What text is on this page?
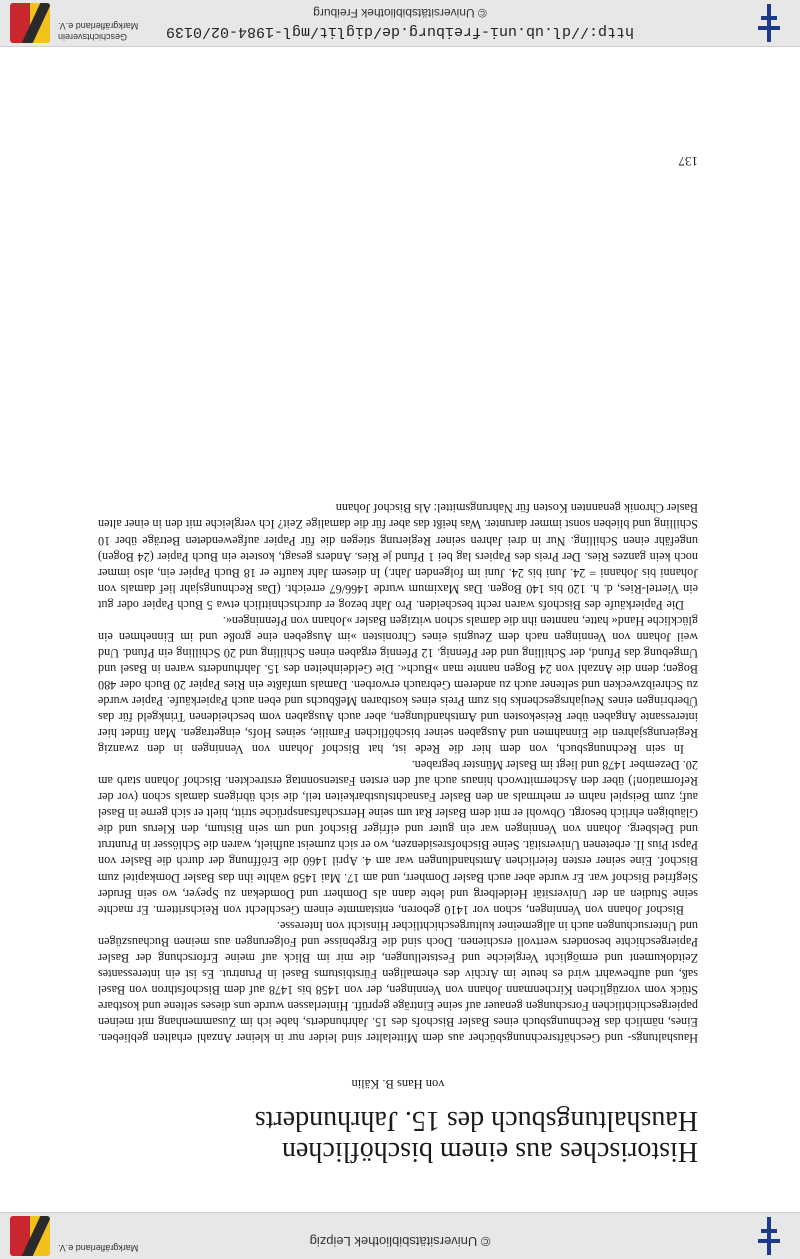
© Universitätsbibliothek Leipzig
Markgräflerland e.V.
Historisches aus einem bischöflichen Haushaltungsbuch des 15. Jahrhunderts
von Hans B. Kälin

Haushaltungs- und Geschäftsrechnungsbücher aus dem Mittelalter sind leider nur in kleiner Anzahl erhalten geblieben. Eines, nämlich das Rechnungsbuch eines Basler Bischofs des 15. Jahrhunderts, habe ich im Zusammenhang mit meinen papiergeschichtlichen Forschungen genauer auf seine Einträge geprüft. Hinterlassen wurde uns dieses seltene und kostbare Stück vom vorzüglichen Kirchenmann Johann von Venningen, der von 1458 bis 1478 auf dem Bischofsthron von Basel saß, und aufbewahrt wird es heute im Archiv des ehemaligen Fürstbistums Basel in Pruntrut. Es ist ein interessantes Zeitdokument und ermöglicht Vergleiche und Feststellungen, die mir im Blick auf meine Erforschung der Basler Papiergeschichte besonders wertvoll erschienen. Doch sind die Ergebnisse und Folgerungen aus meinen Buchauszügen und Untersuchungen auch in allgemeiner kulturgeschichtlicher Hinsicht von Interesse.

Bischof Johann von Venningen, schon vor 1410 geboren, entstammte einem Geschlecht von Reichsrittern. Er machte seine Studien an der Universität Heidelberg und lebte dann als Domherr und Domdekan zu Speyer, wo sein Bruder Siegfried Bischof war. Er wurde aber auch Basler Domherr, und am 17. Mai 1458 wählte ihn das Basler Domkapitel zum Bischof. Eine seiner ersten feierlichen Amtshandlungen war am 4. April 1460 die Eröffnung der durch die Basler von Papst Pius II. erbetenen Universität. Seine Bischofsresidenzen, wo er sich zumeist aufhielt, waren die Schlösser in Pruntrut und Delsberg. Johann von Venningen war ein guter und eifriger Bischof und um sein Bistum, den Klerus und die Gläubigen ehrlich besorgt. Obwohl er mit dem Basler Rat um seine Herrschaftsansprüche stritt, hielt er sich gerne in Basel auf; zum Beispiel nahm er mehrmals an den Basler Fasnachtslustbarkeiten teil, die sich übrigens damals schon (vor der Reformation!) über den Aschermittwoch hinaus auch auf den ersten Fastensonntag erstreckten. Bischof Johann starb am 20. Dezember 1478 und liegt im Basler Münster begraben.

In sein Rechnungsbuch, von dem hier die Rede ist, hat Bischof Johann von Venningen in den zwanzig Regierungsjahren die Einnahmen und Ausgaben seiner bischöflichen Familie, seines Hofs, eingetragen. Man findet hier interessante Angaben über Reisekosten und Amtshandlungen, aber auch Ausgaben vom bescheidenen Trinkgeld für das Überbringen eines Neujahrsgeschenks bis zum Preis eines kostbaren Meßbuchs und eben auch Papierkäufe. Papier wurde zu Schreibzwecken und seltener auch zu anderem Gebrauch erworben. Damals umfaßte ein Ries Papier 20 Buch oder 480 Bogen; denn die Anzahl von 24 Bogen nannte man »Buch«. Die Geldeinheiten des 15. Jahrhunderts waren in Basel und Umgebung das Pfund, der Schilling und der Pfennig. 12 Pfennig ergaben einen Schilling und 20 Schilling ein Pfund. Und weil Johann von Venningen nach dem Zeugnis eines Chronisten »im Ausgeben eine große und im Einnehmen ein glückliche Hand« hatte, nannten ihn die damals schon witzigen Basler »Johann von Pfenningen«.

Die Papierkäufe des Bischofs waren recht bescheiden. Pro Jahr bezog er durchschnittlich etwa 5 Buch Papier oder gut ein Viertel-Ries, d. h. 120 bis 140 Bogen. Das Maximum wurde 1466/67 erreicht. (Das Rechnungsjahr lief damals von Johanni bis Johanni = 24. Juni bis 24. Juni im folgenden Jahr.) In diesem Jahr kaufte er 18 Buch Papier ein, also immer noch kein ganzes Ries. Der Preis des Papiers lag bei 1 Pfund je Ries. Anders gesagt, kostete ein Buch Papier (24 Bogen) ungefähr einen Schilling. Nur in drei Jahren seiner Regierung stiegen die für Papier aufgewendeten Beträge über 10 Schilling und blieben sonst immer darunter. Was heißt das aber für die damalige Zeit? Ich vergleiche mit den in einer alten Basler Chronik genannten Kosten für Nahrungsmittel: Als Bischof Johann

137
http://dl.ub.uni-freiburg.de/diglit/mgl-1984-02/0139
© Universitätsbibliothek Freiburg
Geschichtsverein
Markgräflerland e.V.
